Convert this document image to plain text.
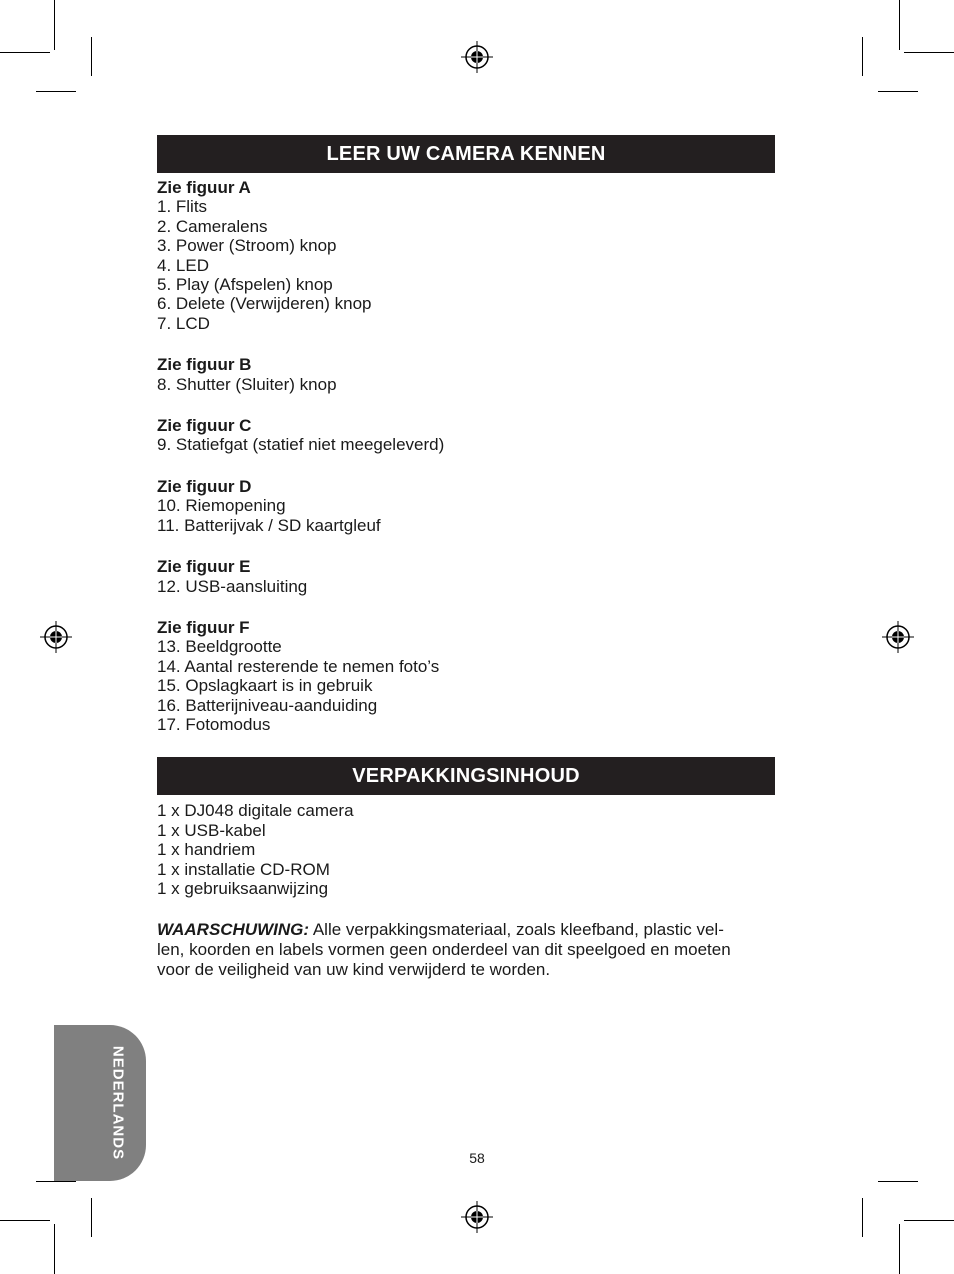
LEER UW CAMERA KENNEN
Zie figuur A
1. Flits
2. Cameralens
3. Power (Stroom) knop
4. LED
5. Play (Afspelen) knop
6. Delete (Verwijderen) knop
7. LCD
Zie figuur B
8. Shutter (Sluiter) knop
Zie figuur C
9. Statiefgat (statief niet meegeleverd)
Zie figuur D
10. Riemopening
11. Batterijvak / SD kaartgleuf
Zie figuur E
12. USB-aansluiting
Zie figuur F
13. Beeldgrootte
14. Aantal resterende te nemen foto’s
15. Opslagkaart is in gebruik
16. Batterijniveau-aanduiding
17. Fotomodus
VERPAKKINGSINHOUD
1 x DJ048 digitale camera
1 x USB-kabel
1 x handriem
1 x installatie CD-ROM
1 x gebruiksaanwijzing
WAARSCHUWING: Alle verpakkingsmateriaal, zoals kleefband, plastic vel-
len, koorden en labels vormen geen onderdeel van dit speelgoed en moeten
voor de veiligheid van uw kind verwijderd te worden.
NEDERLANDS	58
